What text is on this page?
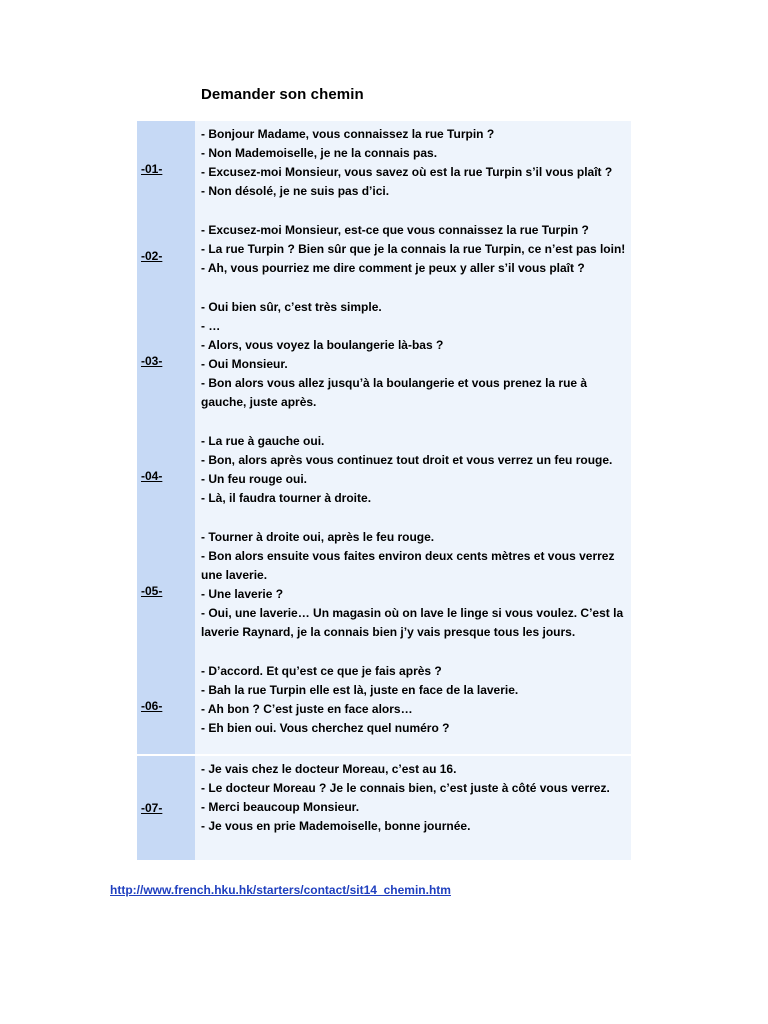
Demander son chemin
-01-	- Bonjour Madame, vous connaissez la rue Turpin ?
- Non Mademoiselle, je ne la connais pas.
- Excusez-moi Monsieur, vous savez où est la rue Turpin s’il vous plaît ?
- Non désolé, je ne suis pas d’ici.

-02-	- Excusez-moi Monsieur, est-ce que vous connaissez la rue Turpin ?
- La rue Turpin ? Bien sûr que je la connais la rue Turpin, ce n’est pas loin!
- Ah, vous pourriez me dire comment je peux y aller s’il vous plaît ?

-03-	- Oui bien sûr, c’est très simple.
- …
- Alors, vous voyez la boulangerie là-bas ?
- Oui Monsieur.
- Bon alors vous allez jusqu’à la boulangerie et vous prenez la rue à gauche, juste après.

-04-	- La rue à gauche oui.
- Bon, alors après vous continuez tout droit et vous verrez un feu rouge.
- Un feu rouge oui.
- Là, il faudra tourner à droite.

-05-	- Tourner à droite oui, après le feu rouge.
- Bon alors ensuite vous faites environ deux cents mètres et vous verrez une laverie.
- Une laverie ?
- Oui, une laverie… Un magasin où on lave le linge si vous voulez. C’est la laverie Raynard, je la connais bien j’y vais presque tous les jours.

-06-	- D’accord. Et qu’est ce que je fais après ?
- Bah la rue Turpin elle est là, juste en face de la laverie.
- Ah bon ? C’est juste en face alors…
- Eh bien oui. Vous cherchez quel numéro ?

-07-	- Je vais chez le docteur Moreau, c’est au 16.
- Le docteur Moreau ? Je le connais bien, c’est juste à côté vous verrez.
- Merci beaucoup Monsieur.
- Je vous en prie Mademoiselle, bonne journée.
http://www.french.hku.hk/starters/contact/sit14_chemin.htm
